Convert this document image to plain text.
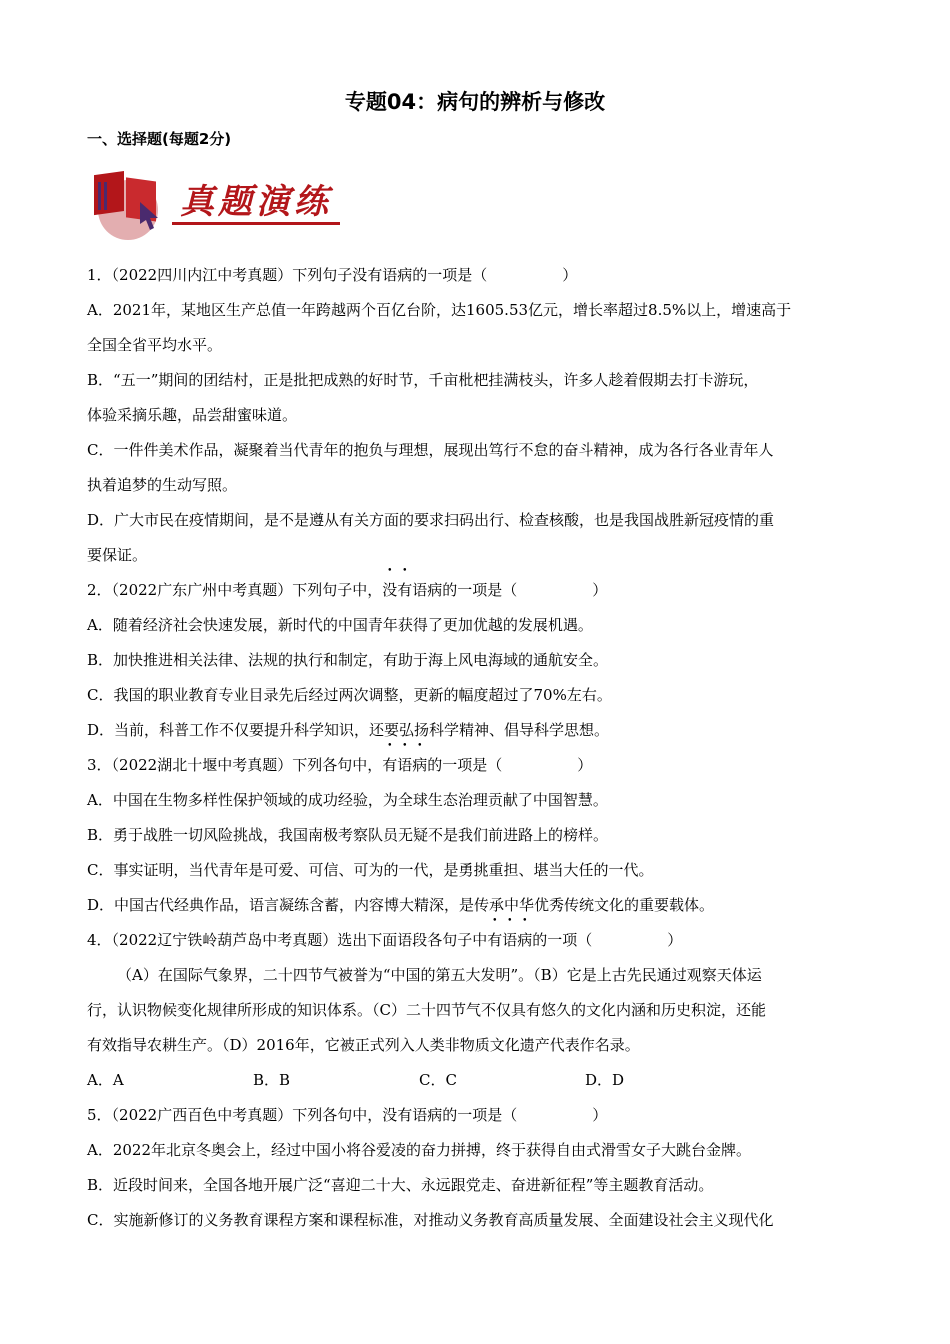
专题04：病句的辨析与修改
一、选择题(每题2分)
真题演练
1．（2022四川内江中考真题）下列句子没有语病的一项是（　　　　　）
A．2021年，某地区生产总值一年跨越两个百亿台阶，达1605.53亿元，增长率超过8.5%以上，增速高于
全国全省平均水平。
B．“五一”期间的团结村，正是批把成熟的好时节，千亩枇杷挂满枝头，许多人趁着假期去打卡游玩，
体验采摘乐趣，品尝甜蜜味道。
C．一件件美术作品，凝聚着当代青年的抱负与理想，展现出笃行不怠的奋斗精神，成为各行各业青年人
执着追梦的生动写照。
D．广大市民在疫情期间，是不是遵从有关方面的要求扫码出行、检查核酸，也是我国战胜新冠疫情的重
要保证。
2．（2022广东广州中考真题）下列句子中，没有语病的一项是（　　　　　）
A．随着经济社会快速发展，新时代的中国青年获得了更加优越的发展机遇。
B．加快推进相关法律、法规的执行和制定，有助于海上风电海域的通航安全。
C．我国的职业教育专业目录先后经过两次调整，更新的幅度超过了70%左右。
D．当前，科普工作不仅要提升科学知识，还要弘扬科学精神、倡导科学思想。
3．（2022湖北十堰中考真题）下列各句中，有语病的一项是（　　　　　）
A．中国在生物多样性保护领域的成功经验，为全球生态治理贡献了中国智慧。
B．勇于战胜一切风险挑战，我国南极考察队员无疑不是我们前进路上的榜样。
C．事实证明，当代青年是可爱、可信、可为的一代，是勇挑重担、堪当大任的一代。
D．中国古代经典作品，语言凝练含蓄，内容博大精深，是传承中华优秀传统文化的重要载体。
4．（2022辽宁铁岭葫芦岛中考真题）选出下面语段各句子中有语病的一项（　　　　　）
（A）在国际气象界，二十四节气被誉为“中国的第五大发明”。（B）它是上古先民通过观察天体运
行，认识物候变化规律所形成的知识体系。（C）二十四节气不仅具有悠久的文化内涵和历史积淀，还能
有效指导农耕生产。（D）2016年，它被正式列入人类非物质文化遗产代表作名录。
A．A	B．B	C．C	D．D
5．（2022广西百色中考真题）下列各句中，没有语病的一项是（　　　　　）
A．2022年北京冬奥会上，经过中国小将谷爱凌的奋力拼搏，终于获得自由式滑雪女子大跳台金牌。
B．近段时间来，全国各地开展广泛“喜迎二十大、永远跟党走、奋进新征程”等主题教育活动。
C．实施新修订的义务教育课程方案和课程标准，对推动义务教育高质量发展、全面建设社会主义现代化
